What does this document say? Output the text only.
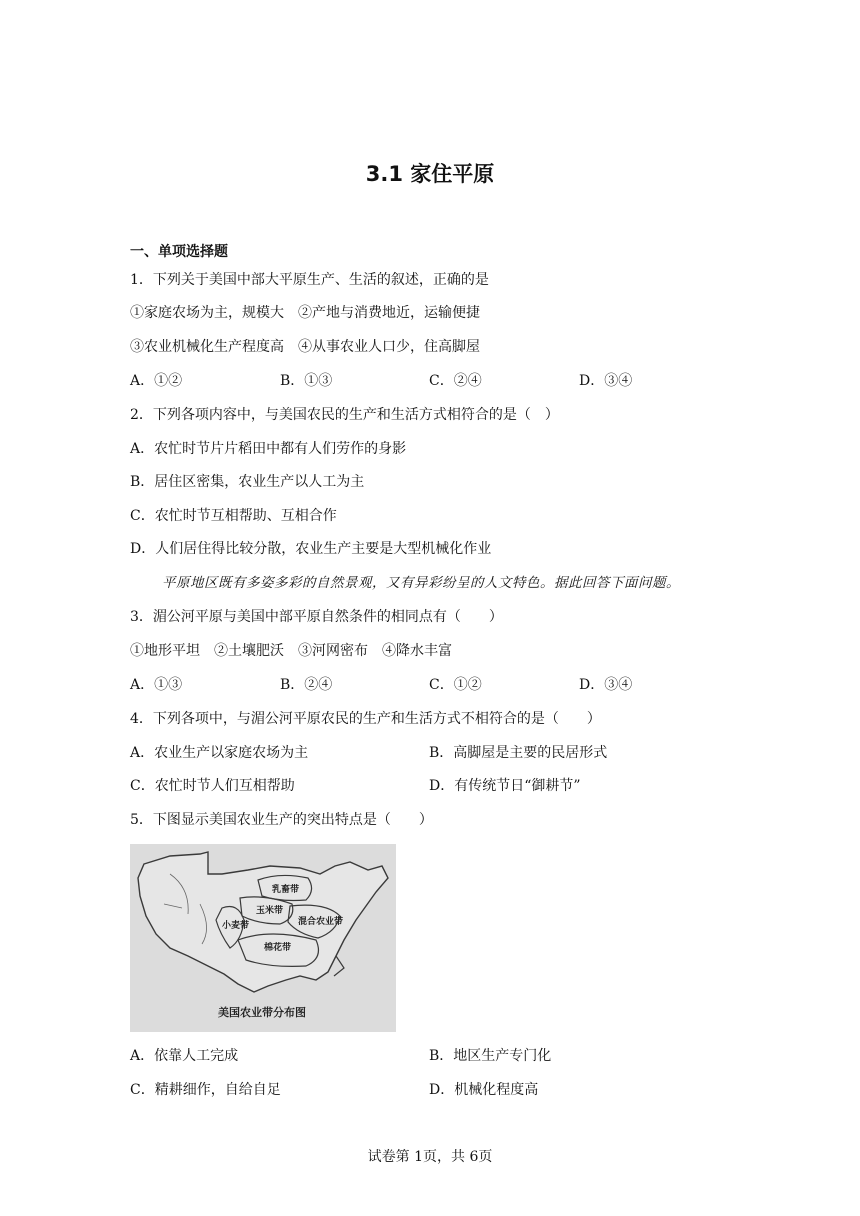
3.1 家住平原
一、单项选择题
1．下列关于美国中部大平原生产、生活的叙述，正确的是
①家庭农场为主，规模大　②产地与消费地近，运输便捷
③农业机械化生产程度高　④从事农业人口少，住高脚屋
A．①②	B．①③	C．②④	D．③④
2．下列各项内容中，与美国农民的生产和生活方式相符合的是（　）
A．农忙时节片片稻田中都有人们劳作的身影
B．居住区密集，农业生产以人工为主
C．农忙时节互相帮助、互相合作
D．人们居住得比较分散，农业生产主要是大型机械化作业
平原地区既有多姿多彩的自然景观，又有异彩纷呈的人文特色。据此回答下面问题。
3．湄公河平原与美国中部平原自然条件的相同点有（　　）
①地形平坦　②土壤肥沃　③河网密布　④降水丰富
A．①③	B．②④	C．①②	D．③④
4．下列各项中，与湄公河平原农民的生产和生活方式不相符合的是（　　）
A．农业生产以家庭农场为主	B．高脚屋是主要的民居形式
C．农忙时节人们互相帮助	D．有传统节日“御耕节”
5．下图显示美国农业生产的突出特点是（　　）
乳畜带
玉米带
小麦带	混合农业带
棉花带
美国农业带分布图
A．依靠人工完成	B．地区生产专门化
C．精耕细作，自给自足	D．机械化程度高
试卷第 1页，共 6页
